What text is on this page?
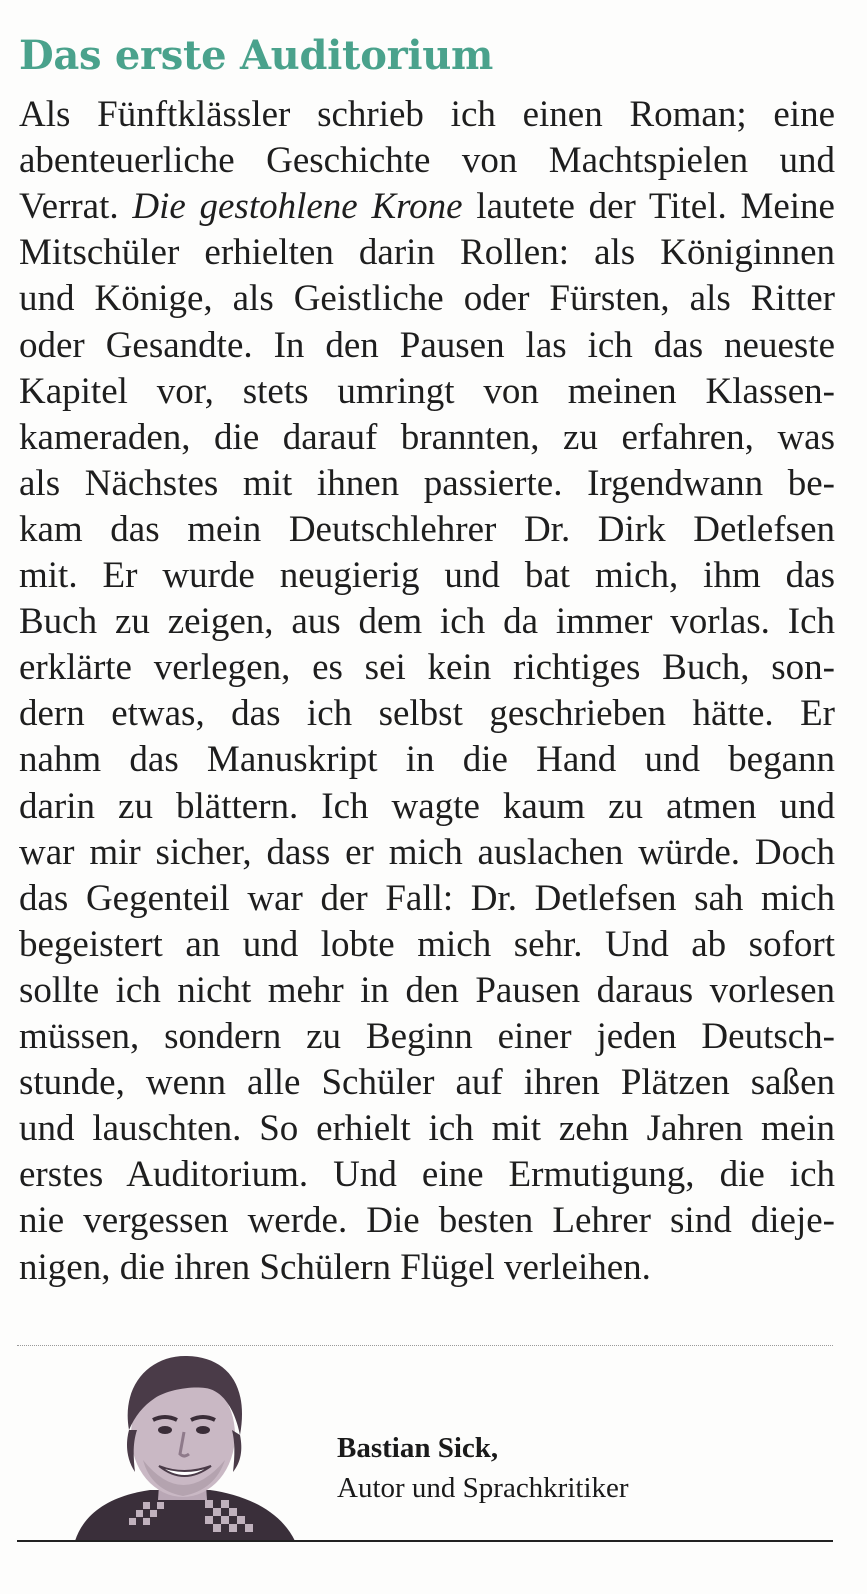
Das erste Auditorium
Als Fünftklässler schrieb ich einen Roman; eine
abenteuerliche Geschichte von Machtspielen und
Verrat. Die gestohlene Krone lautete der Titel. Meine
Mitschüler erhielten darin Rollen: als Königinnen
und Könige, als Geistliche oder Fürsten, als Ritter
oder Gesandte. In den Pausen las ich das neueste
Kapitel vor, stets umringt von meinen Klassen-
kameraden, die darauf brannten, zu erfahren, was
als Nächstes mit ihnen passierte. Irgendwann be-
kam das mein Deutschlehrer Dr. Dirk Detlefsen
mit. Er wurde neugierig und bat mich, ihm das
Buch zu zeigen, aus dem ich da immer vorlas. Ich
erklärte verlegen, es sei kein richtiges Buch, son-
dern etwas, das ich selbst geschrieben hätte. Er
nahm das Manuskript in die Hand und begann
darin zu blättern. Ich wagte kaum zu atmen und
war mir sicher, dass er mich auslachen würde. Doch
das Gegenteil war der Fall: Dr. Detlefsen sah mich
begeistert an und lobte mich sehr. Und ab sofort
sollte ich nicht mehr in den Pausen daraus vorlesen
müssen, sondern zu Beginn einer jeden Deutsch-
stunde, wenn alle Schüler auf ihren Plätzen saßen
und lauschten. So erhielt ich mit zehn Jahren mein
erstes Auditorium. Und eine Ermutigung, die ich
nie vergessen werde. Die besten Lehrer sind dieje-
nigen, die ihren Schülern Flügel verleihen.
Bastian Sick,
Autor und Sprachkritiker
